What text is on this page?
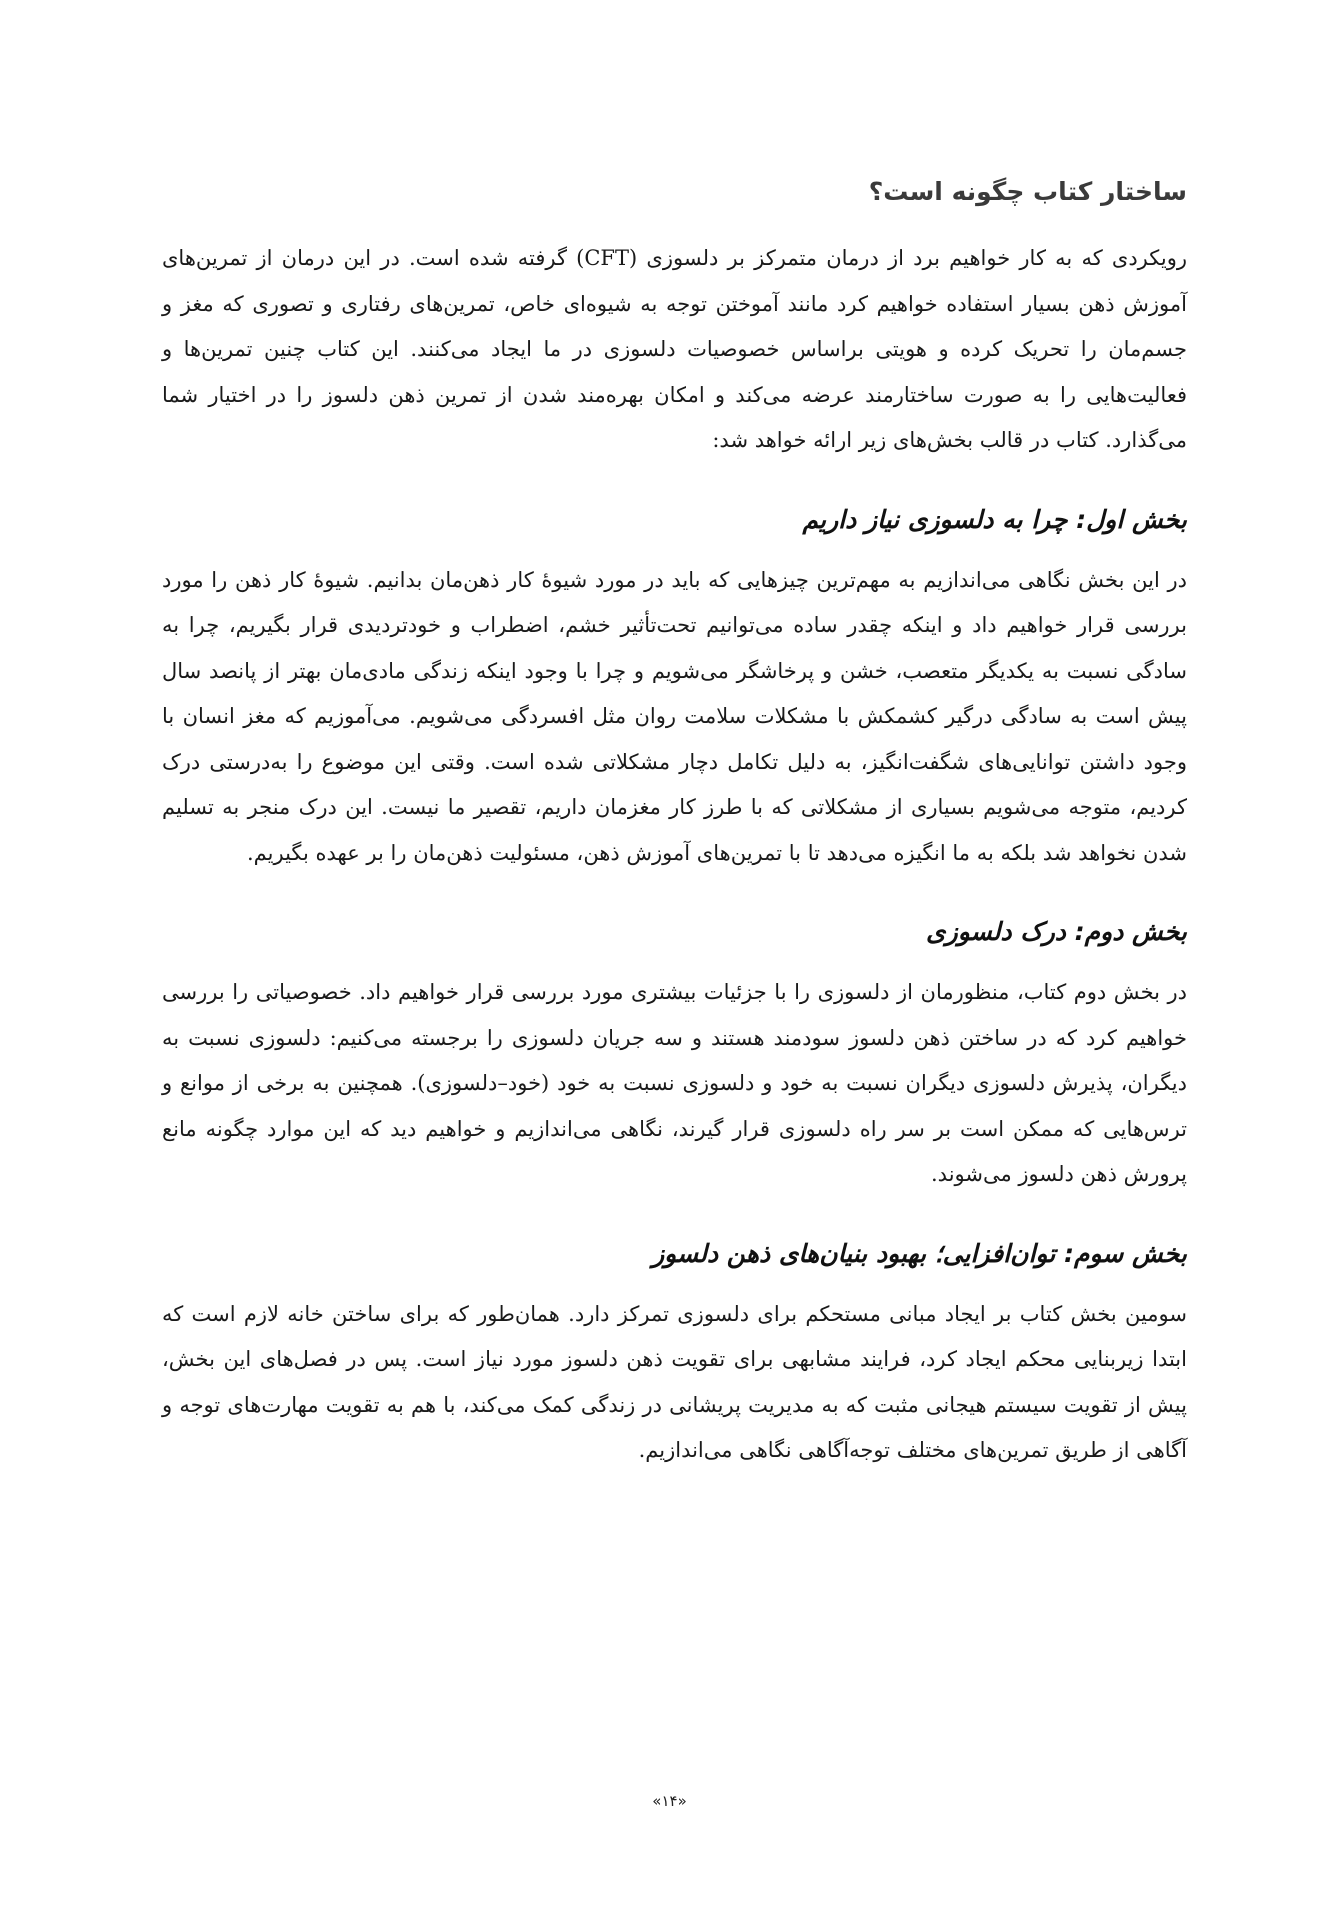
ساختار کتاب چگونه است؟

رویکردی که به کار خواهیم برد از درمان متمرکز بر دلسوزی (CFT) گرفته شده است. در این درمان از تمرین‌های آموزش ذهن بسیار استفاده خواهیم کرد مانند آموختن توجه به شیوه‌ای خاص، تمرین‌های رفتاری و تصوری که مغز و جسم‌مان را تحریک کرده و هویتی براساس خصوصیات دلسوزی در ما ایجاد می‌کنند. این کتاب چنین تمرین‌ها و فعالیت‌هایی را به صورت ساختارمند عرضه می‌کند و امکان بهره‌مند شدن از تمرین ذهن دلسوز را در اختیار شما می‌گذارد. کتاب در قالب بخش‌های زیر ارائه خواهد شد:

بخش اول: چرا به دلسوزی نیاز داریم

در این بخش نگاهی می‌اندازیم به مهم‌ترین چیزهایی که باید در مورد شیوهٔ کار ذهن‌مان بدانیم. شیوهٔ کار ذهن را مورد بررسی قرار خواهیم داد و اینکه چقدر ساده می‌توانیم تحت‌تأثیر خشم، اضطراب و خودتردیدی قرار بگیریم، چرا به سادگی نسبت به یکدیگر متعصب، خشن و پرخاشگر می‌شویم و چرا با وجود اینکه زندگی مادی‌مان بهتر از پانصد سال پیش است به سادگی درگیر کشمکش با مشکلات سلامت روان مثل افسردگی می‌شویم. می‌آموزیم که مغز انسان با وجود داشتن توانایی‌های شگفت‌انگیز، به دلیل تکامل دچار مشکلاتی شده است. وقتی این موضوع را به‌درستی درک کردیم، متوجه می‌شویم بسیاری از مشکلاتی که با طرز کار مغزمان داریم، تقصیر ما نیست. این درک منجر به تسلیم شدن نخواهد شد بلکه به ما انگیزه می‌دهد تا با تمرین‌های آموزش ذهن، مسئولیت ذهن‌مان را بر عهده بگیریم.

بخش دوم: درک دلسوزی

در بخش دوم کتاب، منظورمان از دلسوزی را با جزئیات بیشتری مورد بررسی قرار خواهیم داد. خصوصیاتی را بررسی خواهیم کرد که در ساختن ذهن دلسوز سودمند هستند و سه جریان دلسوزی را برجسته می‌کنیم: دلسوزی نسبت به دیگران، پذیرش دلسوزی دیگران نسبت به خود و دلسوزی نسبت به خود (خود–دلسوزی). همچنین به برخی از موانع و ترس‌هایی که ممکن است بر سر راه دلسوزی قرار گیرند، نگاهی می‌اندازیم و خواهیم دید که این موارد چگونه مانع پرورش ذهن دلسوز می‌شوند.

بخش سوم: توان‌افزایی؛ بهبود بنیان‌های ذهن دلسوز

سومین بخش کتاب بر ایجاد مبانی مستحکم برای دلسوزی تمرکز دارد. همان‌طور که برای ساختن خانه لازم است که ابتدا زیربنایی محکم ایجاد کرد، فرایند مشابهی برای تقویت ذهن دلسوز مورد نیاز است. پس در فصل‌های این بخش، پیش از تقویت سیستم هیجانی مثبت که به مدیریت پریشانی در زندگی کمک می‌کند، با هم به تقویت مهارت‌های توجه و آگاهی از طریق تمرین‌های مختلف توجه‌آگاهی نگاهی می‌اندازیم.

«۱۴»
